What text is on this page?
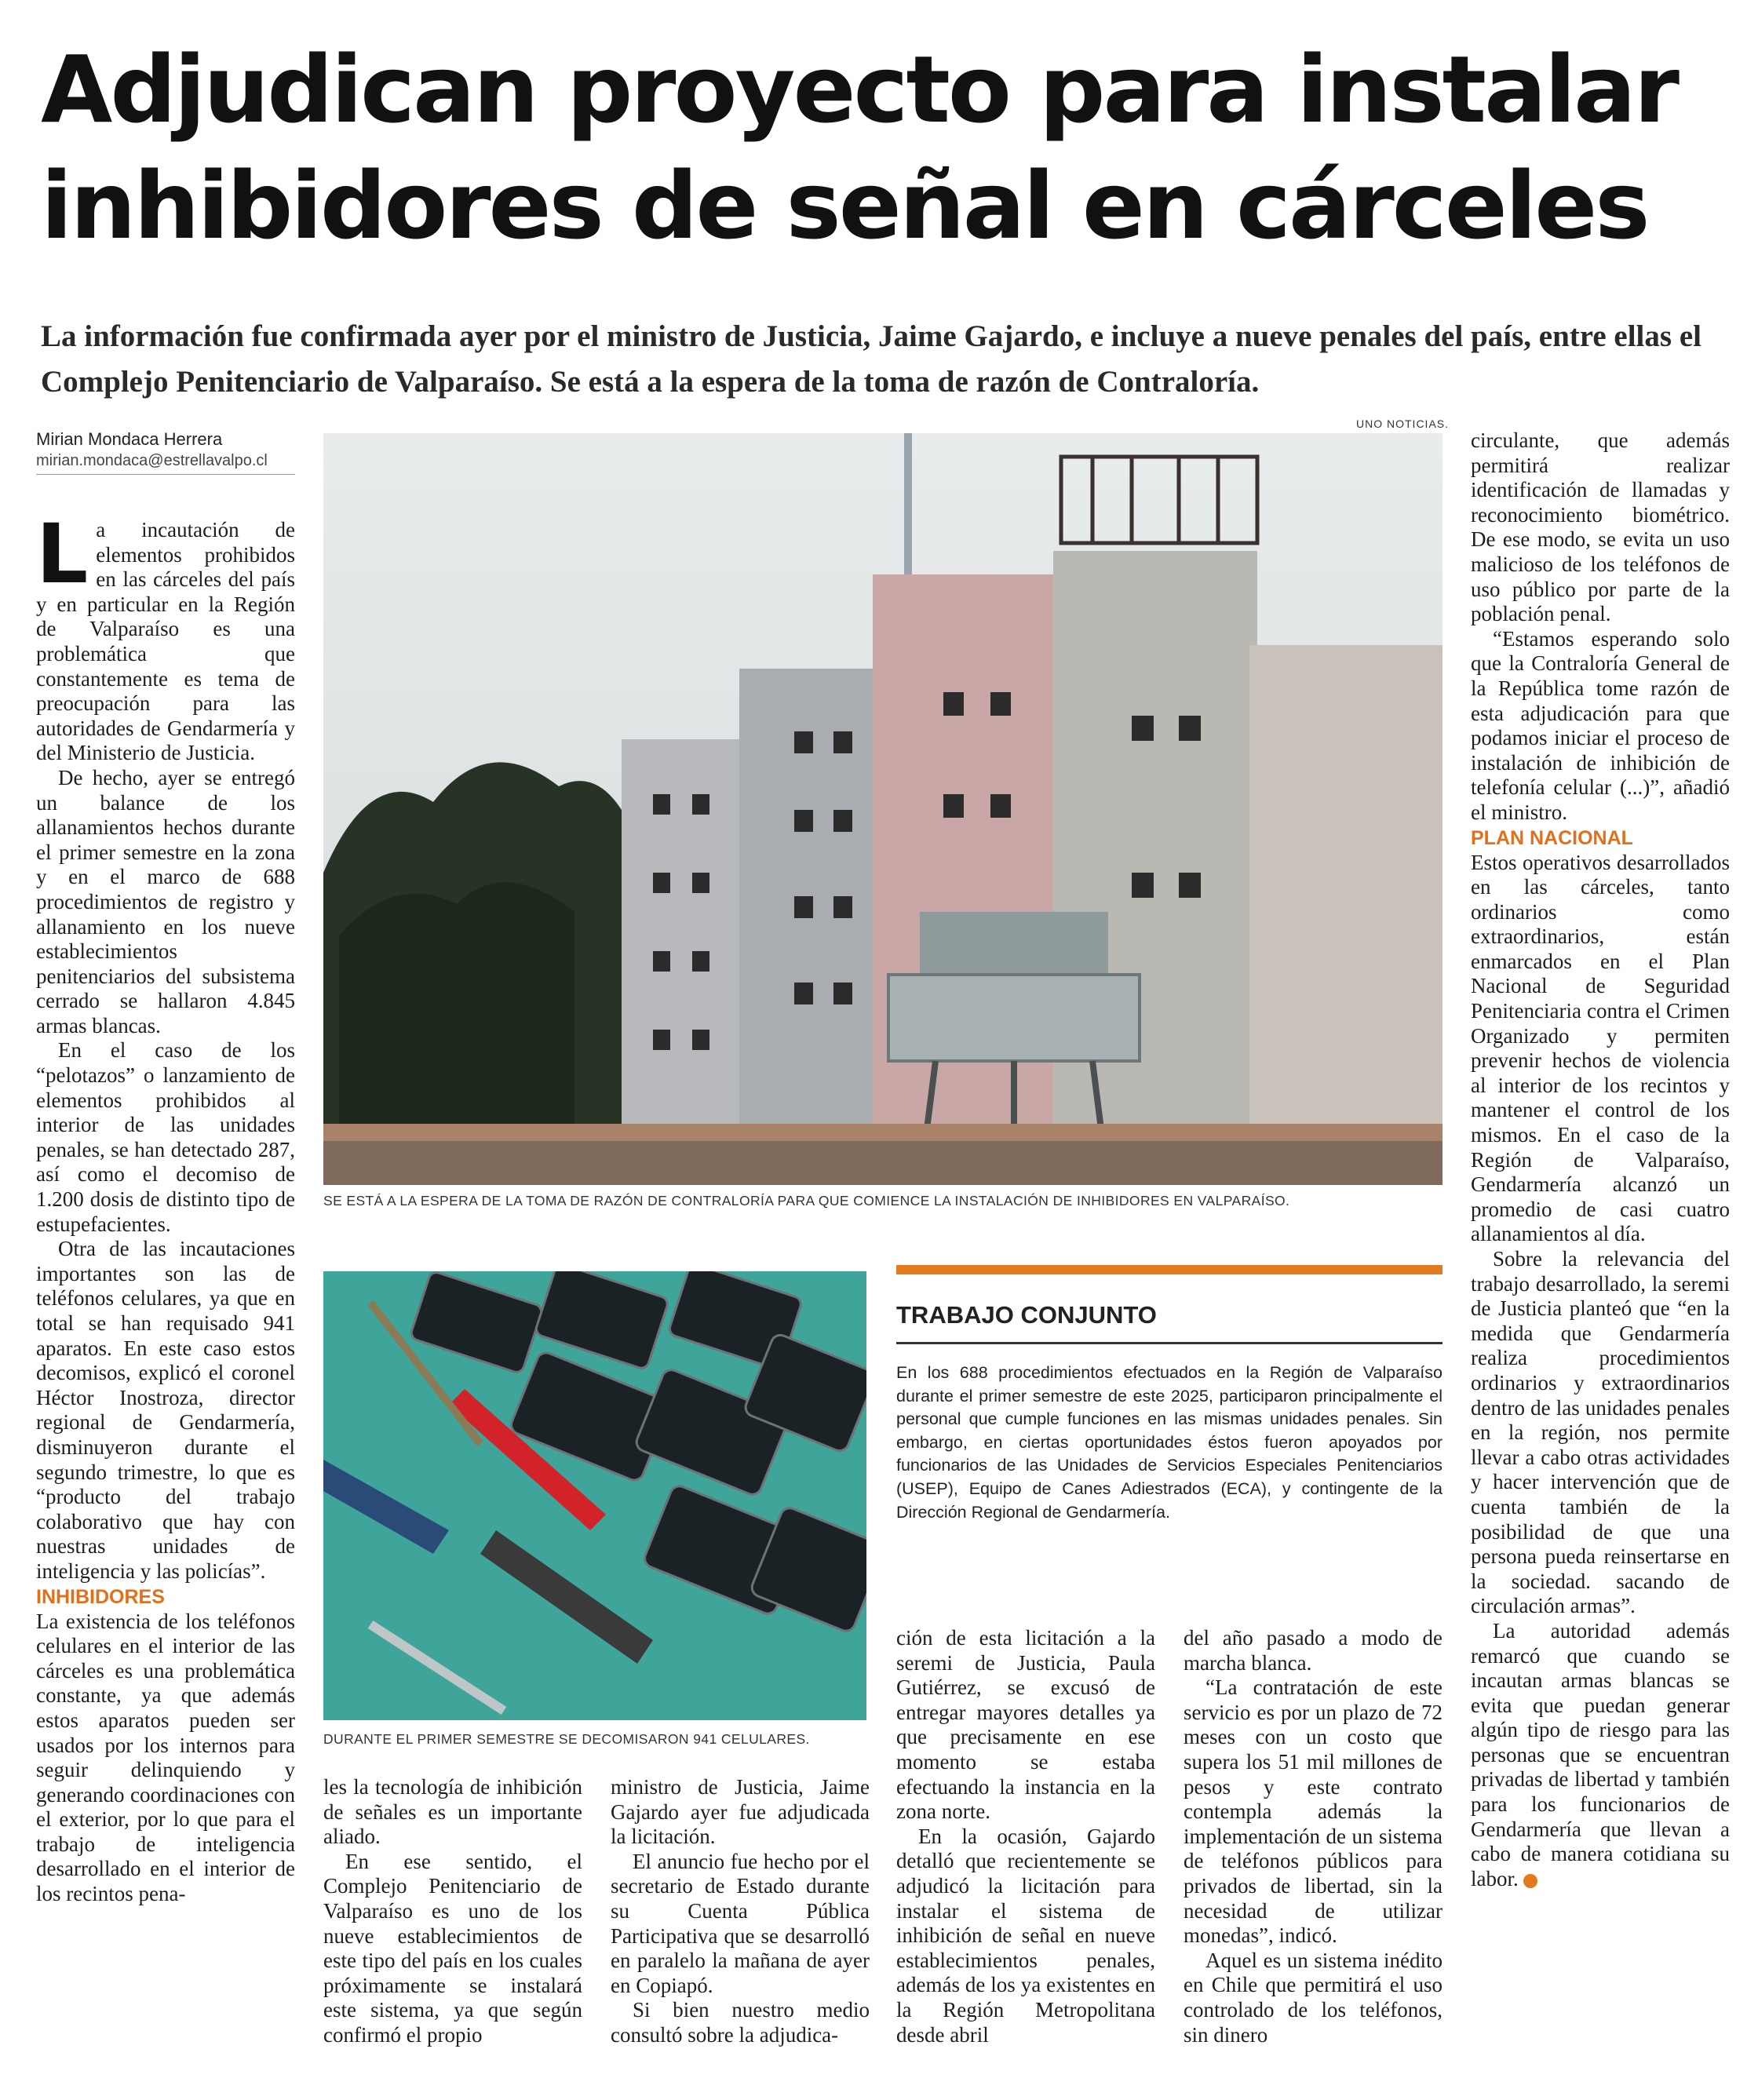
Adjudican proyecto para instalar inhibidores de señal en cárceles

La información fue confirmada ayer por el ministro de Justicia, Jaime Gajardo, e incluye a nueve penales del país, entre ellas el Complejo Penitenciario de Valparaíso. Se está a la espera de la toma de razón de Contraloría.

Mirian Mondaca Herrera
mirian.mondaca@estrellavalpo.cl

La incautación de elementos prohibidos en las cárceles del país y en particular en la Región de Valparaíso es una problemática que constantemente es tema de preocupación para las autoridades de Gendarmería y del Ministerio de Justicia.

De hecho, ayer se entregó un balance de los allanamientos hechos durante el primer semestre en la zona y en el marco de 688 procedimientos de registro y allanamiento en los nueve establecimientos penitenciarios del subsistema cerrado se hallaron 4.845 armas blancas.

En el caso de los “pelotazos” o lanzamiento de elementos prohibidos al interior de las unidades penales, se han detectado 287, así como el decomiso de 1.200 dosis de distinto tipo de estupefacientes.

Otra de las incautaciones importantes son las de teléfonos celulares, ya que en total se han requisado 941 aparatos. En este caso estos decomisos, explicó el coronel Héctor Inostroza, director regional de Gendarmería, disminuyeron durante el segundo trimestre, lo que es “producto del trabajo colaborativo que hay con nuestras unidades de inteligencia y las policías”.

INHIBIDORES

La existencia de los teléfonos celulares en el interior de las cárceles es una problemática constante, ya que además estos aparatos pueden ser usados por los internos para seguir delinquiendo y generando coordinaciones con el exterior, por lo que para el trabajo de inteligencia desarrollado en el interior de los recintos pena-

UNO NOTICIAS.
SE ESTÁ A LA ESPERA DE LA TOMA DE RAZÓN DE CONTRALORÍA PARA QUE COMIENCE LA INSTALACIÓN DE INHIBIDORES EN VALPARAÍSO.
DURANTE EL PRIMER SEMESTRE SE DECOMISARON 941 CELULARES.
TRABAJO CONJUNTO
En los 688 procedimientos efectuados en la Región de Valparaíso durante el primer semestre de este 2025, participaron principalmente el personal que cumple funciones en las mismas unidades penales. Sin embargo, en ciertas oportunidades éstos fueron apoyados por funcionarios de las Unidades de Servicios Especiales Penitenciarios (USEP), Equipo de Canes Adiestrados (ECA), y contingente de la Dirección Regional de Gendarmería.

les la tecnología de inhibición de señales es un importante aliado.

En ese sentido, el Complejo Penitenciario de Valparaíso es uno de los nueve establecimientos de este tipo del país en los cuales próximamente se instalará este sistema, ya que según confirmó el propio

ministro de Justicia, Jaime Gajardo ayer fue adjudicada la licitación.

El anuncio fue hecho por el secretario de Estado durante su Cuenta Pública Participativa que se desarrolló en paralelo la mañana de ayer en Copiapó.

Si bien nuestro medio consultó sobre la adjudica-

ción de esta licitación a la seremi de Justicia, Paula Gutiérrez, se excusó de entregar mayores detalles ya que precisamente en ese momento se estaba efectuando la instancia en la zona norte.

En la ocasión, Gajardo detalló que recientemente se adjudicó la licitación para instalar el sistema de inhibición de señal en nueve establecimientos penales, además de los ya existentes en la Región Metropolitana desde abril

del año pasado a modo de marcha blanca.

“La contratación de este servicio es por un plazo de 72 meses con un costo que supera los 51 mil millones de pesos y este contrato contempla además la implementación de un sistema de teléfonos públicos para privados de libertad, sin la necesidad de utilizar monedas”, indicó.

Aquel es un sistema inédito en Chile que permitirá el uso controlado de los teléfonos, sin dinero

circulante, que además permitirá realizar identificación de llamadas y reconocimiento biométrico. De ese modo, se evita un uso malicioso de los teléfonos de uso público por parte de la población penal.

“Estamos esperando solo que la Contraloría General de la República tome razón de esta adjudicación para que podamos iniciar el proceso de instalación de inhibición de telefonía celular (...)”, añadió el ministro.

PLAN NACIONAL

Estos operativos desarrollados en las cárceles, tanto ordinarios como extraordinarios, están enmarcados en el Plan Nacional de Seguridad Penitenciaria contra el Crimen Organizado y permiten prevenir hechos de violencia al interior de los recintos y mantener el control de los mismos. En el caso de la Región de Valparaíso, Gendarmería alcanzó un promedio de casi cuatro allanamientos al día.

Sobre la relevancia del trabajo desarrollado, la seremi de Justicia planteó que “en la medida que Gendarmería realiza procedimientos ordinarios y extraordinarios dentro de las unidades penales en la región, nos permite llevar a cabo otras actividades y hacer intervención que de cuenta también de la posibilidad de que una persona pueda reinsertarse en la sociedad. sacando de circulación armas”.

La autoridad además remarcó que cuando se incautan armas blancas se evita que puedan generar algún tipo de riesgo para las personas que se encuentran privadas de libertad y también para los funcionarios de Gendarmería que llevan a cabo de manera cotidiana su labor.
